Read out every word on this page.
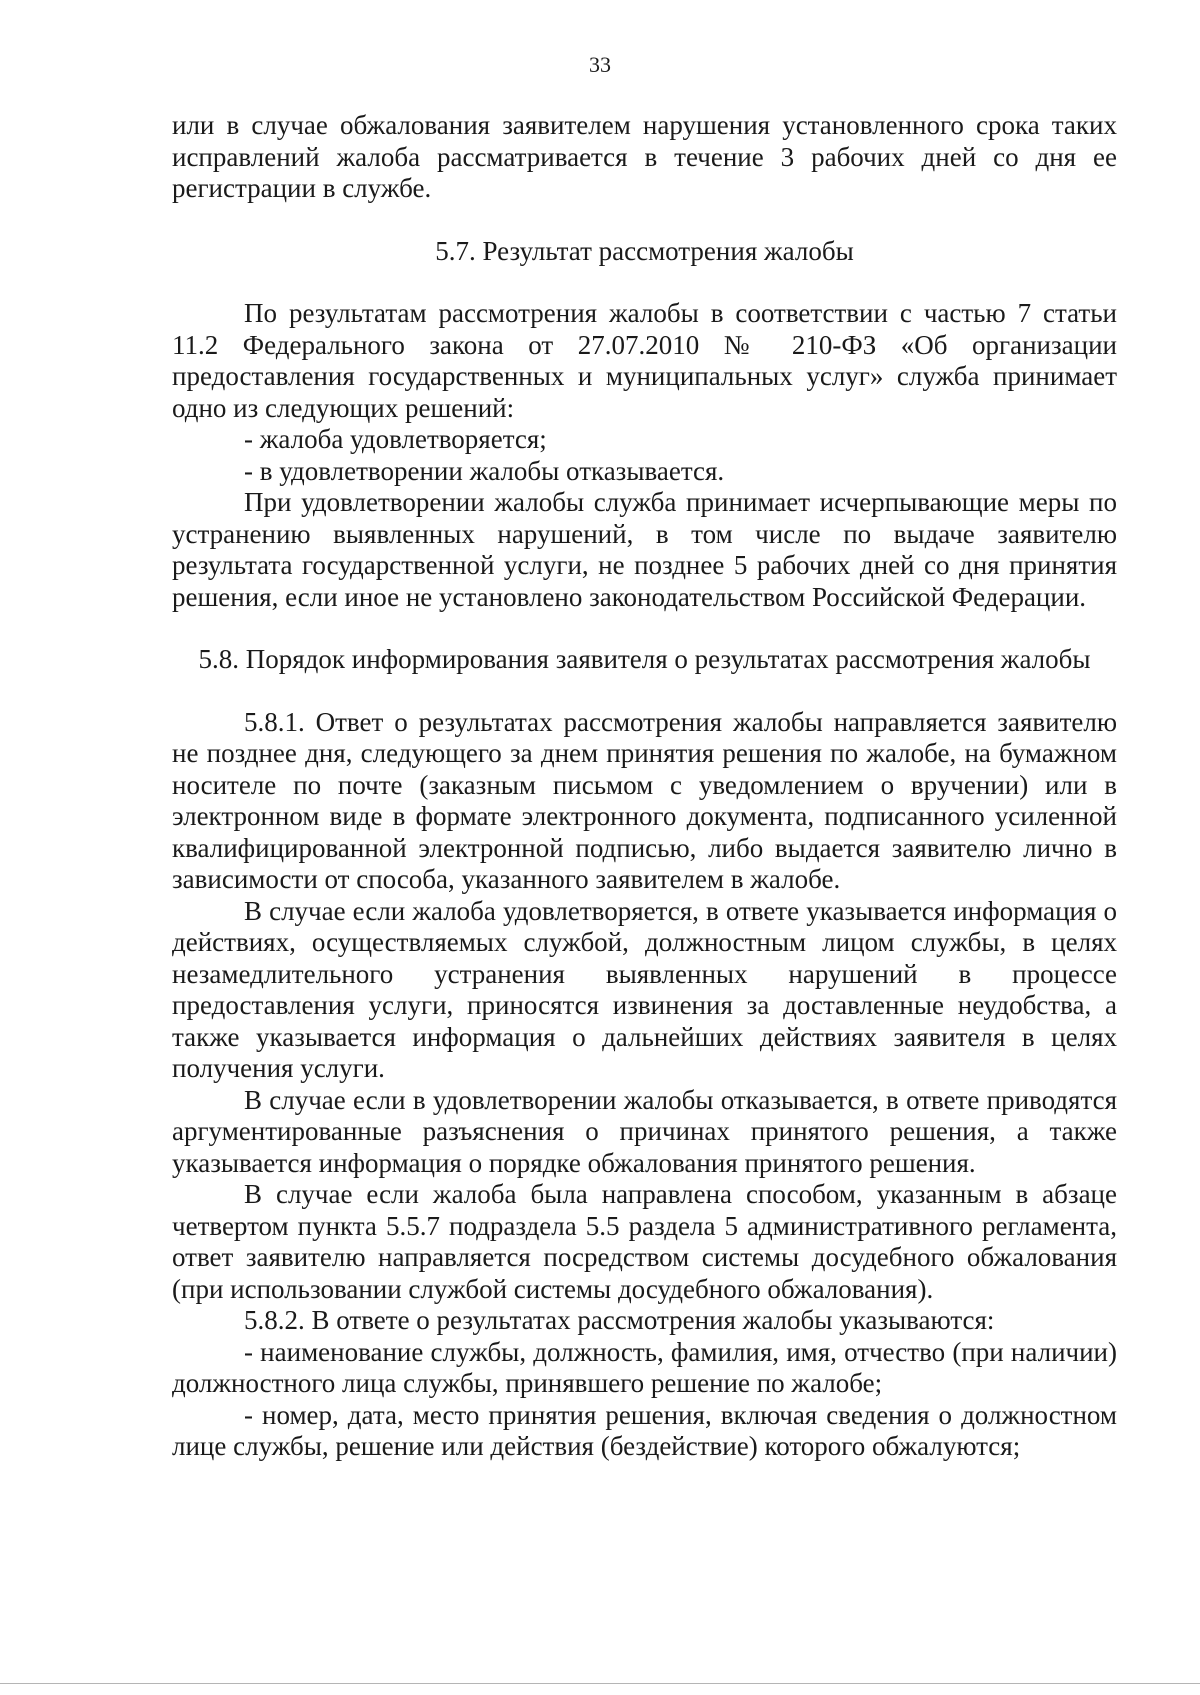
33

или в случае обжалования заявителем нарушения установленного срока таких исправлений жалоба рассматривается в течение 3 рабочих дней со дня ее регистрации в службе.

5.7. Результат рассмотрения жалобы

По результатам рассмотрения жалобы в соответствии с частью 7 статьи 11.2 Федерального закона от 27.07.2010 № 210-ФЗ «Об организации предоставления государственных и муниципальных услуг» служба принимает одно из следующих решений:

- жалоба удовлетворяется;

- в удовлетворении жалобы отказывается.

При удовлетворении жалобы служба принимает исчерпывающие меры по устранению выявленных нарушений, в том числе по выдаче заявителю результата государственной услуги, не позднее 5 рабочих дней со дня принятия решения, если иное не установлено законодательством Российской Федерации.

5.8. Порядок информирования заявителя о результатах рассмотрения жалобы

5.8.1. Ответ о результатах рассмотрения жалобы направляется заявителю не позднее дня, следующего за днем принятия решения по жалобе, на бумажном носителе по почте (заказным письмом с уведомлением о вручении) или в электронном виде в формате электронного документа, подписанного усиленной квалифицированной электронной подписью, либо выдается заявителю лично в зависимости от способа, указанного заявителем в жалобе.

В случае если жалоба удовлетворяется, в ответе указывается информация о действиях, осуществляемых службой, должностным лицом службы, в целях незамедлительного устранения выявленных нарушений в процессе предоставления услуги, приносятся извинения за доставленные неудобства, а также указывается информация о дальнейших действиях заявителя в целях получения услуги.

В случае если в удовлетворении жалобы отказывается, в ответе приводятся аргументированные разъяснения о причинах принятого решения, а также указывается информация о порядке обжалования принятого решения.

В случае если жалоба была направлена способом, указанным в абзаце четвертом пункта 5.5.7 подраздела 5.5 раздела 5 административного регламента, ответ заявителю направляется посредством системы досудебного обжалования (при использовании службой системы досудебного обжалования).

5.8.2. В ответе о результатах рассмотрения жалобы указываются:

- наименование службы, должность, фамилия, имя, отчество (при наличии) должностного лица службы, принявшего решение по жалобе;

- номер, дата, место принятия решения, включая сведения о должностном лице службы, решение или действия (бездействие) которого обжалуются;
